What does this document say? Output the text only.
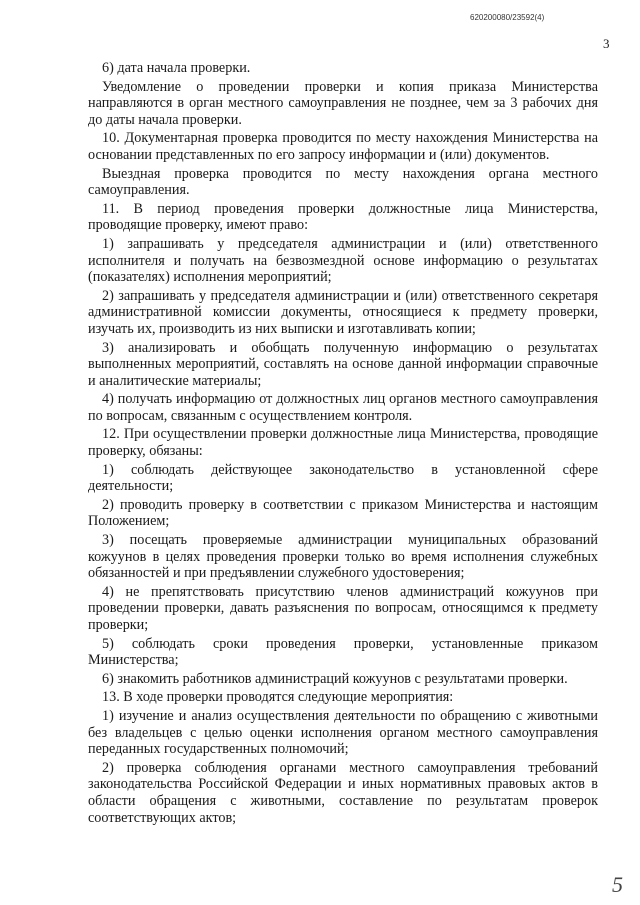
620200080/23592(4)
3

6) дата начала проверки.

Уведомление о проведении проверки и копия приказа Министерства направляются в орган местного самоуправления не позднее, чем за 3 рабочих дня до даты начала проверки.

10. Документарная проверка проводится по месту нахождения Министерства на основании представленных по его запросу информации и (или) документов.

Выездная проверка проводится по месту нахождения органа местного самоуправления.

11. В период проведения проверки должностные лица Министерства, проводящие проверку, имеют право:

1) запрашивать у председателя администрации и (или) ответственного исполнителя и получать на безвозмездной основе информацию о результатах (показателях) исполнения мероприятий;

2) запрашивать у председателя администрации и (или) ответственного секретаря административной комиссии документы, относящиеся к предмету проверки, изучать их, производить из них выписки и изготавливать копии;

3) анализировать и обобщать полученную информацию о результатах выполненных мероприятий, составлять на основе данной информации справочные и аналитические материалы;

4) получать информацию от должностных лиц органов местного самоуправления по вопросам, связанным с осуществлением контроля.

12. При осуществлении проверки должностные лица Министерства, проводящие проверку, обязаны:

1) соблюдать действующее законодательство в установленной сфере деятельности;

2) проводить проверку в соответствии с приказом Министерства и настоящим Положением;

3) посещать проверяемые администрации муниципальных образований кожуунов в целях проведения проверки только во время исполнения служебных обязанностей и при предъявлении служебного удостоверения;

4) не препятствовать присутствию членов администраций кожуунов при проведении проверки, давать разъяснения по вопросам, относящимся к предмету проверки;

5) соблюдать сроки проведения проверки, установленные приказом Министерства;

6) знакомить работников администраций кожуунов с результатами проверки.

13. В ходе проверки проводятся следующие мероприятия:

1) изучение и анализ осуществления деятельности по обращению с животными без владельцев с целью оценки исполнения органом местного самоуправления переданных государственных полномочий;

2) проверка соблюдения органами местного самоуправления требований законодательства Российской Федерации и иных нормативных правовых актов в области обращения с животными, составление по результатам проверок соответствующих актов;

5
